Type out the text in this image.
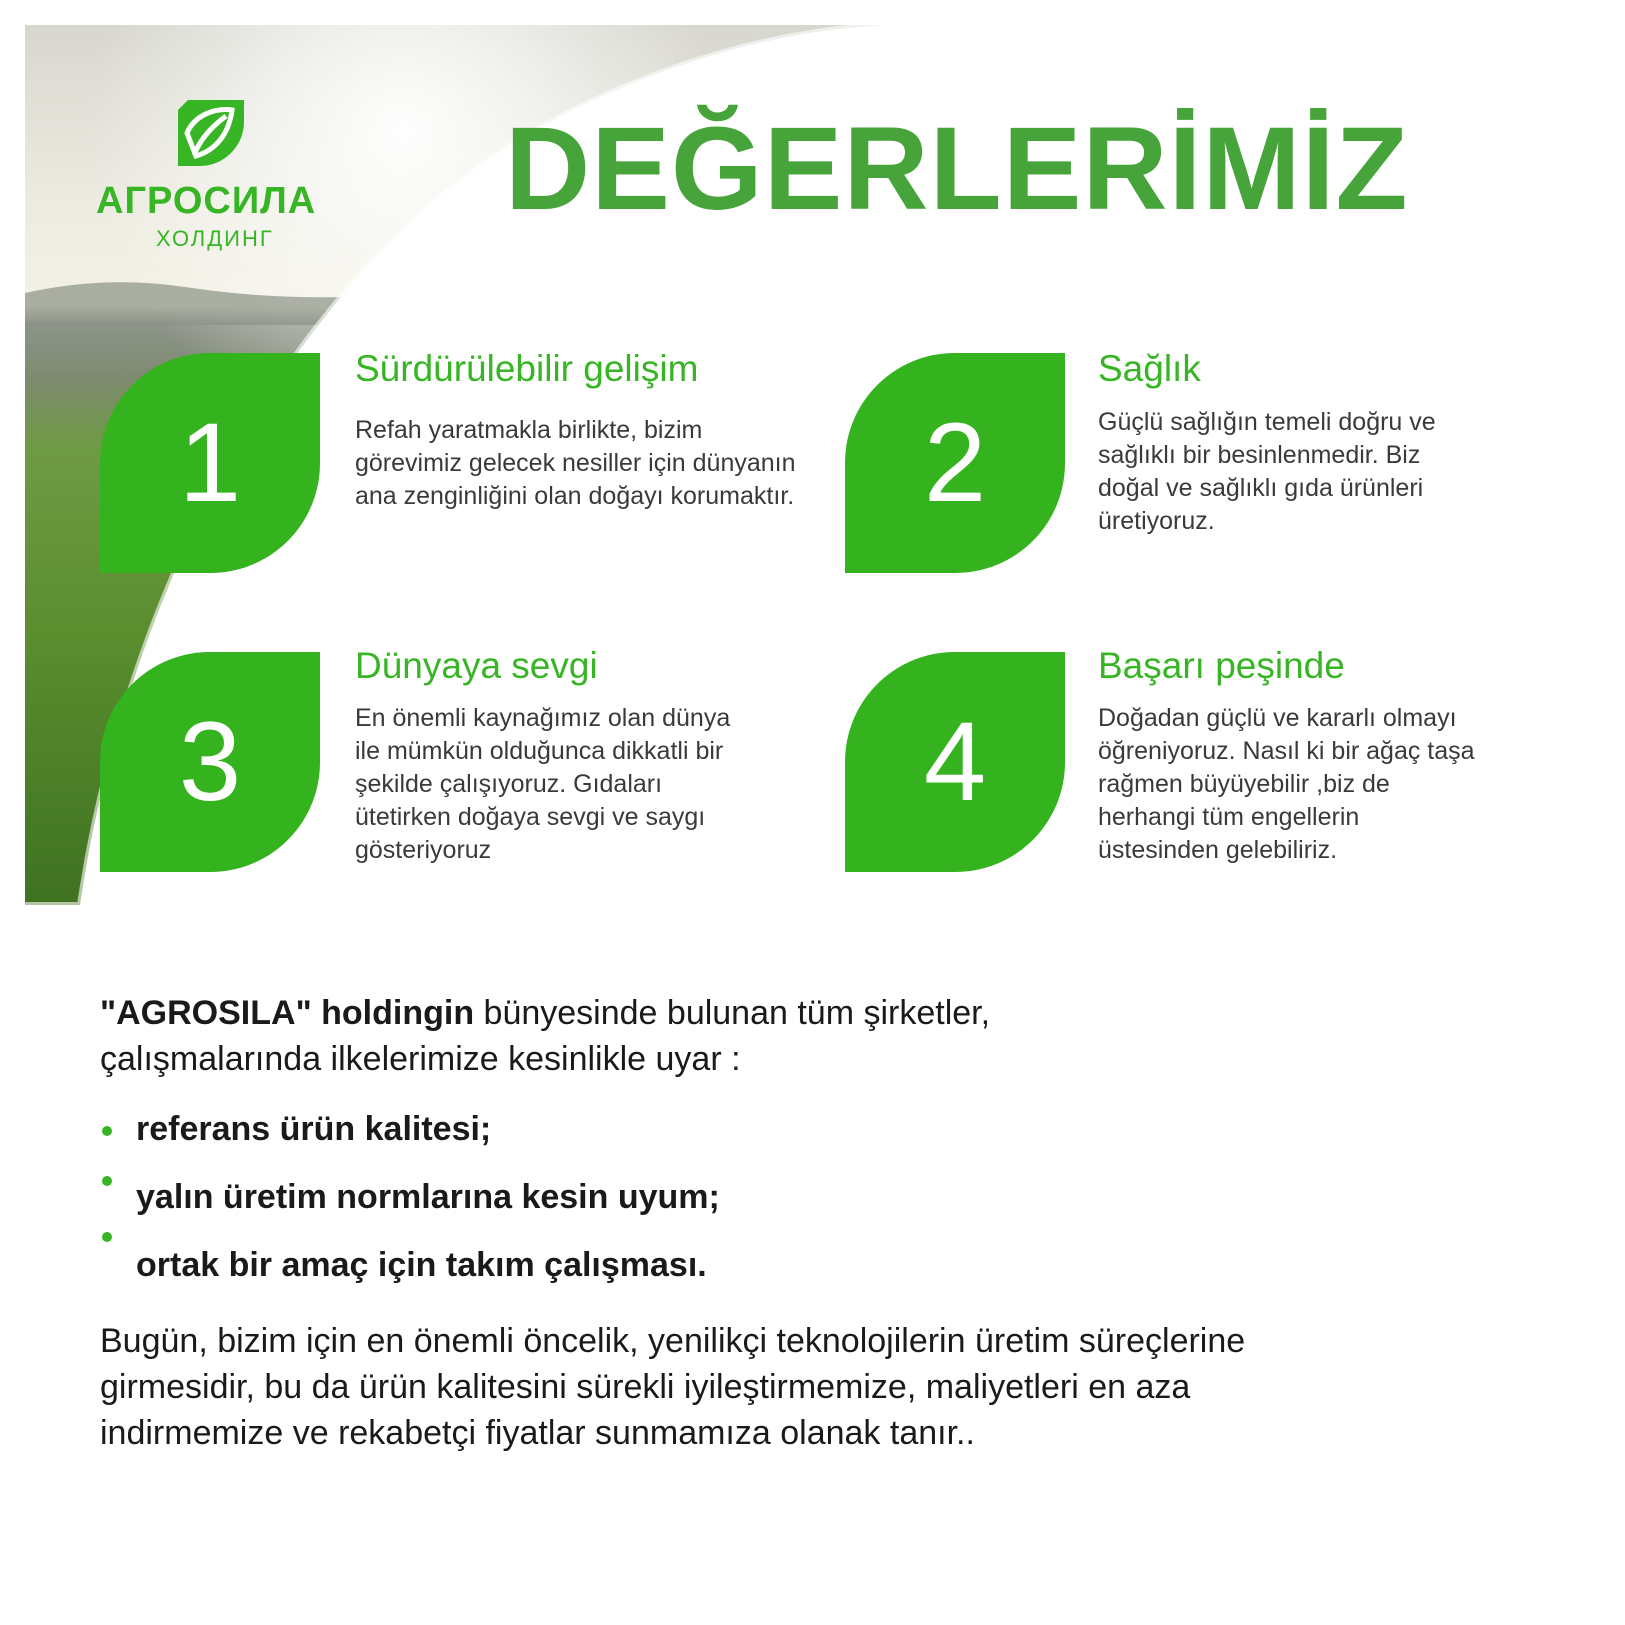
АГРОСИЛА
ХОЛДИНГ
DEĞERLERİMİZ
1
Sürdürülebilir gelişim
Refah yaratmakla birlikte, bizim
görevimiz gelecek nesiller için dünyanın
ana zenginliğini olan doğayı korumaktır.	2
Sağlık
Güçlü sağlığın temeli doğru ve
sağlıklı bir besinlenmedir. Biz
doğal ve sağlıklı gıda ürünleri
üretiyoruz.
3
Dünyaya sevgi
En önemli kaynağımız olan dünya
ile mümkün olduğunca dikkatli bir
şekilde çalışıyoruz. Gıdaları
ütetirken doğaya sevgi ve saygı
gösteriyoruz
4
Başarı peşinde
Doğadan güçlü ve kararlı olmayı
öğreniyoruz. Nasıl ki bir ağaç taşa
rağmen büyüyebilir ,biz de
herhangi tüm engellerin
üstesinden gelebiliriz.
"AGROSILA" holdingin bünyesinde bulunan tüm şirketler,
çalışmalarında ilkelerimize kesinlikle uyar :
referans ürün kalitesi;
yalın üretim normlarına kesin uyum;
ortak bir amaç için takım çalışması.
Bugün, bizim için en önemli öncelik, yenilikçi teknolojilerin üretim süreçlerine
girmesidir, bu da ürün kalitesini sürekli iyileştirmemize, maliyetleri en aza
indirmemize ve rekabetçi fiyatlar sunmamıza olanak tanır..
